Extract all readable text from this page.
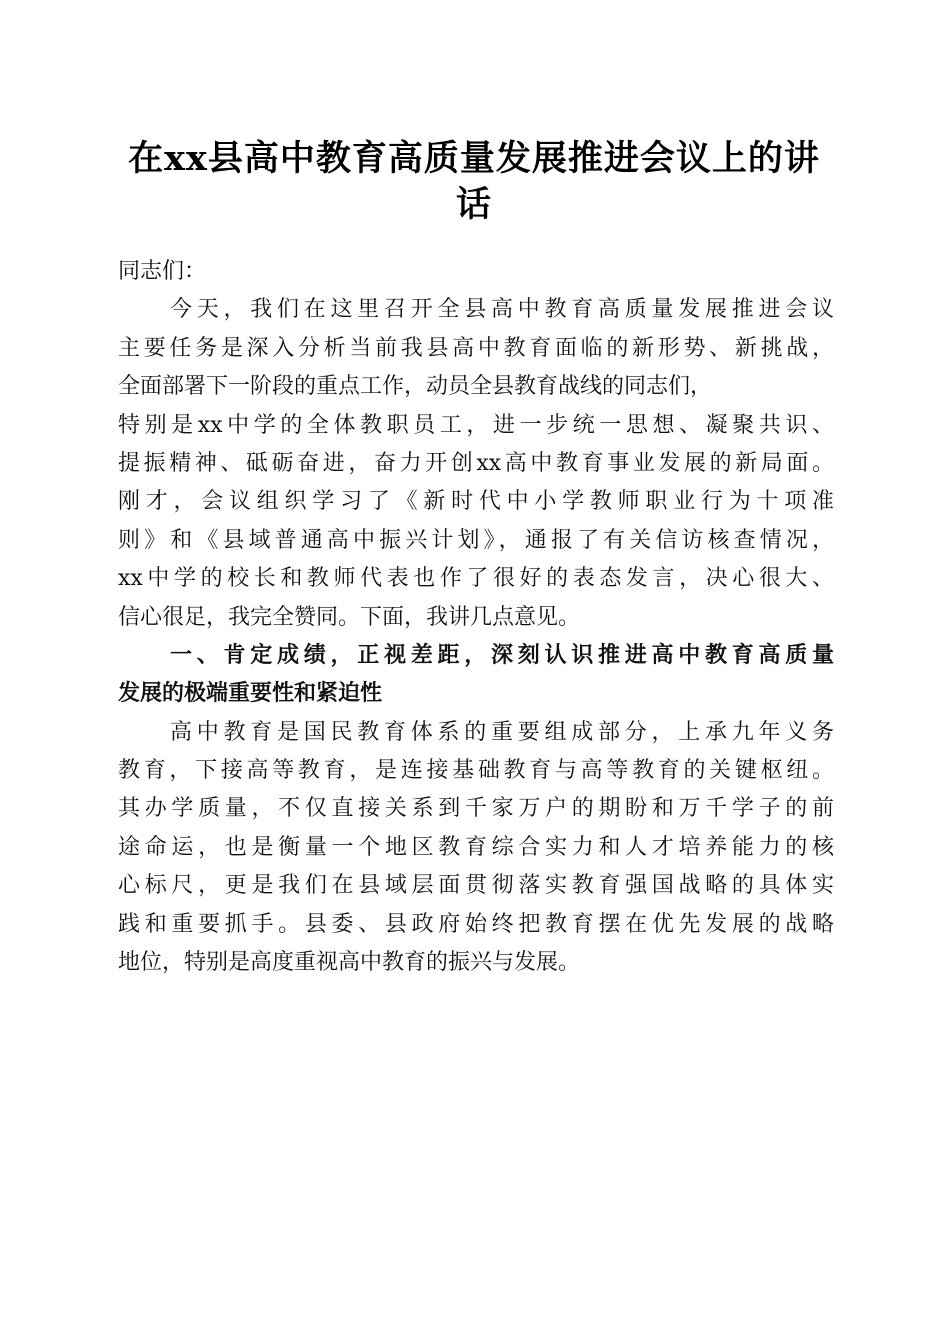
在xx县高中教育高质量发展推进会议上的讲
话
同志们：
今天，我们在这里召开全县高中教育高质量发展推进会议
主要任务是深入分析当前我县高中教育面临的新形势、新挑战，
全面部署下一阶段的重点工作，动员全县教育战线的同志们，
特别是xx中学的全体教职员工，进一步统一思想、凝聚共识、
提振精神、砥砺奋进，奋力开创xx高中教育事业发展的新局面。
刚才，会议组织学习了《新时代中小学教师职业行为十项准
则》和《县域普通高中振兴计划》，通报了有关信访核查情况，
xx中学的校长和教师代表也作了很好的表态发言，决心很大、
信心很足，我完全赞同。下面，我讲几点意见。
一、肯定成绩，正视差距，深刻认识推进高中教育高质量
发展的极端重要性和紧迫性
高中教育是国民教育体系的重要组成部分，上承九年义务
教育，下接高等教育，是连接基础教育与高等教育的关键枢纽。
其办学质量，不仅直接关系到千家万户的期盼和万千学子的前
途命运，也是衡量一个地区教育综合实力和人才培养能力的核
心标尺，更是我们在县域层面贯彻落实教育强国战略的具体实
践和重要抓手。县委、县政府始终把教育摆在优先发展的战略
地位，特别是高度重视高中教育的振兴与发展。
